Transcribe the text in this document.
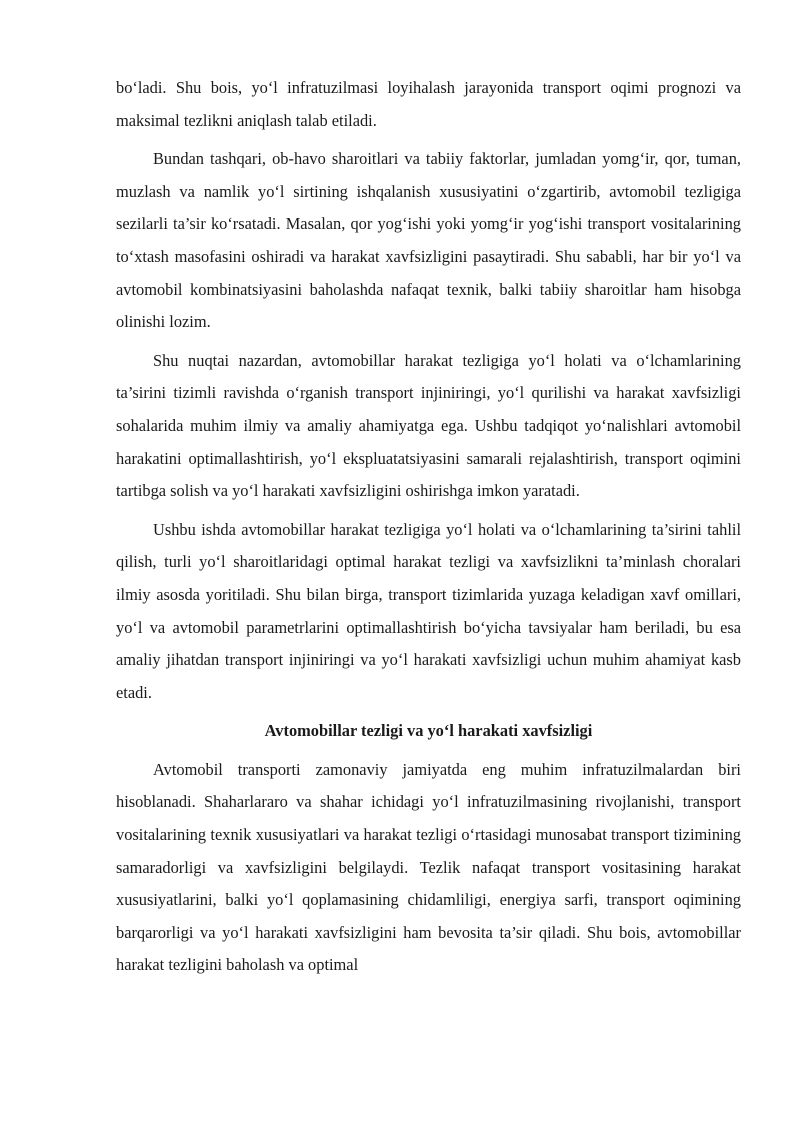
bo‘ladi. Shu bois, yo‘l infratuzilmasi loyihalash jarayonida transport oqimi prognozi va maksimal tezlikni aniqlash talab etiladi.

Bundan tashqari, ob-havo sharoitlari va tabiiy faktorlar, jumladan yomg‘ir, qor, tuman, muzlash va namlik yo‘l sirtining ishqalanish xususiyatini o‘zgartirib, avtomobil tezligiga sezilarli ta’sir ko‘rsatadi. Masalan, qor yog‘ishi yoki yomg‘ir yog‘ishi transport vositalarining to‘xtash masofasini oshiradi va harakat xavfsizligini pasaytiradi. Shu sababli, har bir yo‘l va avtomobil kombinatsiyasini baholashda nafaqat texnik, balki tabiiy sharoitlar ham hisobga olinishi lozim.

Shu nuqtai nazardan, avtomobillar harakat tezligiga yo‘l holati va o‘lchamlarining ta’sirini tizimli ravishda o‘rganish transport injiniringi, yo‘l qurilishi va harakat xavfsizligi sohalarida muhim ilmiy va amaliy ahamiyatga ega. Ushbu tadqiqot yo‘nalishlari avtomobil harakatini optimallashtirish, yo‘l ekspluatatsiyasini samarali rejalashtirish, transport oqimini tartibga solish va yo‘l harakati xavfsizligini oshirishga imkon yaratadi.

Ushbu ishda avtomobillar harakat tezligiga yo‘l holati va o‘lchamlarining ta’sirini tahlil qilish, turli yo‘l sharoitlaridagi optimal harakat tezligi va xavfsizlikni ta’minlash choralari ilmiy asosda yoritiladi. Shu bilan birga, transport tizimlarida yuzaga keladigan xavf omillari, yo‘l va avtomobil parametrlarini optimallashtirish bo‘yicha tavsiyalar ham beriladi, bu esa amaliy jihatdan transport injiniringi va yo‘l harakati xavfsizligi uchun muhim ahamiyat kasb etadi.

Avtomobillar tezligi va yo‘l harakati xavfsizligi

Avtomobil transporti zamonaviy jamiyatda eng muhim infratuzilmalardan biri hisoblanadi. Shaharlararo va shahar ichidagi yo‘l infratuzilmasining rivojlanishi, transport vositalarining texnik xususiyatlari va harakat tezligi o‘rtasidagi munosabat transport tizimining samaradorligi va xavfsizligini belgilaydi. Tezlik nafaqat transport vositasining harakat xususiyatlarini, balki yo‘l qoplamasining chidamliligi, energiya sarfi, transport oqimining barqarorligi va yo‘l harakati xavfsizligini ham bevosita ta’sir qiladi. Shu bois, avtomobillar harakat tezligini baholash va optimal
